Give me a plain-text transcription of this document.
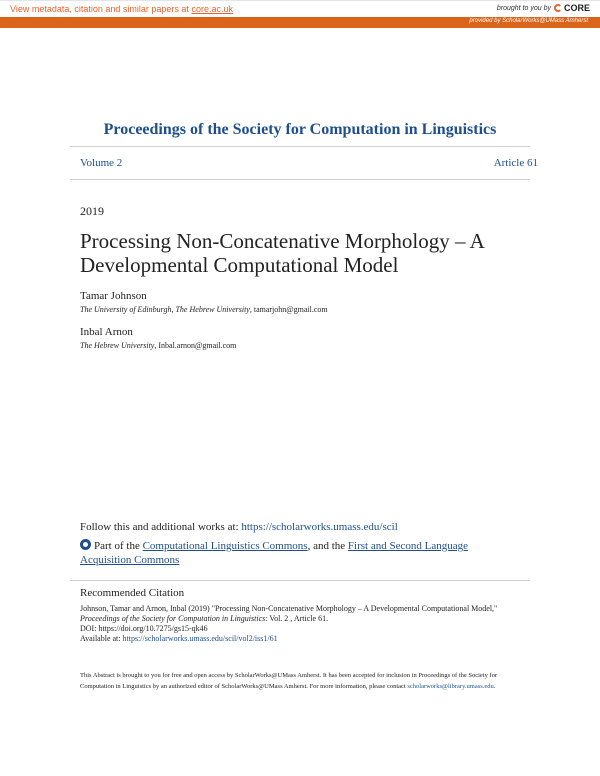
View metadata, citation and similar papers at core.ac.uk	brought to you by CORE
provided by ScholarWorks@UMass Amherst
Proceedings of the Society for Computation in Linguistics
Volume 2	Article 61
2019
Processing Non-Concatenative Morphology – A Developmental Computational Model
Tamar Johnson
The University of Edinburgh, The Hebrew University, tamarjohn@gmail.com
Inbal Arnon
The Hebrew University, Inbal.arnon@gmail.com
Follow this and additional works at: https://scholarworks.umass.edu/scil
Part of the Computational Linguistics Commons, and the First and Second Language Acquisition Commons
Recommended Citation
Johnson, Tamar and Arnon, Inbal (2019) "Processing Non-Concatenative Morphology – A Developmental Computational Model,"
Proceedings of the Society for Computation in Linguistics: Vol. 2 , Article 61.
DOI: https://doi.org/10.7275/gs15-qk46
Available at: https://scholarworks.umass.edu/scil/vol2/iss1/61
This Abstract is brought to you for free and open access by ScholarWorks@UMass Amherst. It has been accepted for inclusion in Proceedings of the Society for Computation in Linguistics by an authorized editor of ScholarWorks@UMass Amherst. For more information, please contact scholarworks@library.umass.edu.
